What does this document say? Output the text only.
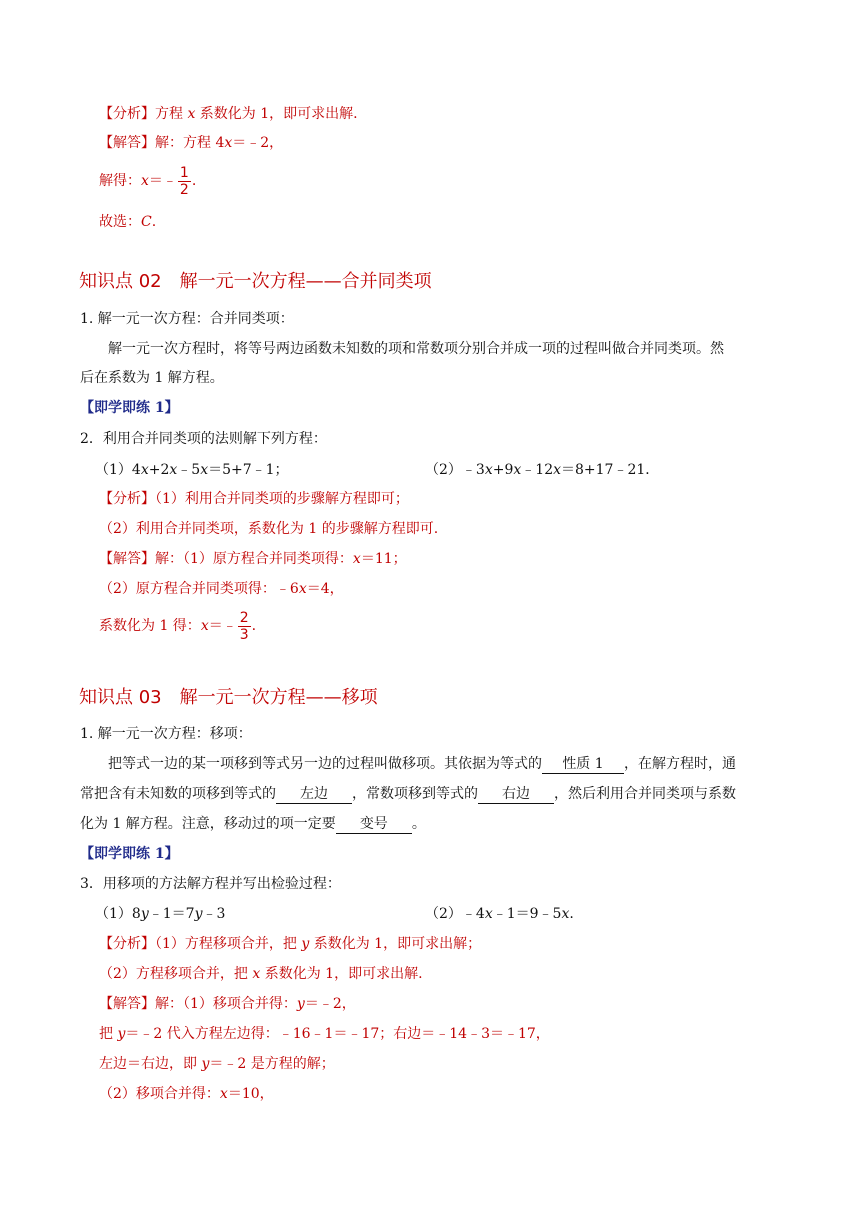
【分析】方程 x 系数化为 1，即可求出解.
【解答】解：方程 4x＝﹣2，
解得：x＝﹣ $\frac{1}{2}$ .
故选：C.
知识点 02　解一元一次方程——合并同类项
1. 解一元一次方程：合并同类项：
解一元一次方程时，将等号两边函数未知数的项和常数项分别合并成一项的过程叫做合并同类项。然
后在系数为 1 解方程。
【即学即练 1】
2．利用合并同类项的法则解下列方程：
（1）4x+2x﹣5x＝5+7﹣1；	（2）﹣3x+9x﹣12x＝8+17﹣21．
【分析】（1）利用合并同类项的步骤解方程即可；
（2）利用合并同类项，系数化为 1 的步骤解方程即可.
【解答】解：（1）原方程合并同类项得：x＝11；
（2）原方程合并同类项得：﹣6x＝4，
系数化为 1 得：x＝﹣ $\frac{2}{3}$ .
知识点 03　解一元一次方程——移项
1. 解一元一次方程：移项：
把等式一边的某一项移到等式另一边的过程叫做移项。其依据为等式的 性质 1 ，在解方程时，通
常把含有未知数的项移到等式的 左边 ，常数项移到等式的 右边 ，然后利用合并同类项与系数
化为 1 解方程。注意，移动过的项一定要 变号 。
【即学即练 1】
3．用移项的方法解方程并写出检验过程：
（1）8y﹣1＝7y﹣3	（2）﹣4x﹣1＝9﹣5x.
【分析】（1）方程移项合并，把 y 系数化为 1，即可求出解；
（2）方程移项合并，把 x 系数化为 1，即可求出解.
【解答】解：（1）移项合并得：y＝﹣2，
把 y＝﹣2 代入方程左边得：﹣16﹣1＝﹣17；右边＝﹣14﹣3＝﹣17，
左边＝右边，即 y＝﹣2 是方程的解；
（2）移项合并得：x＝10，
